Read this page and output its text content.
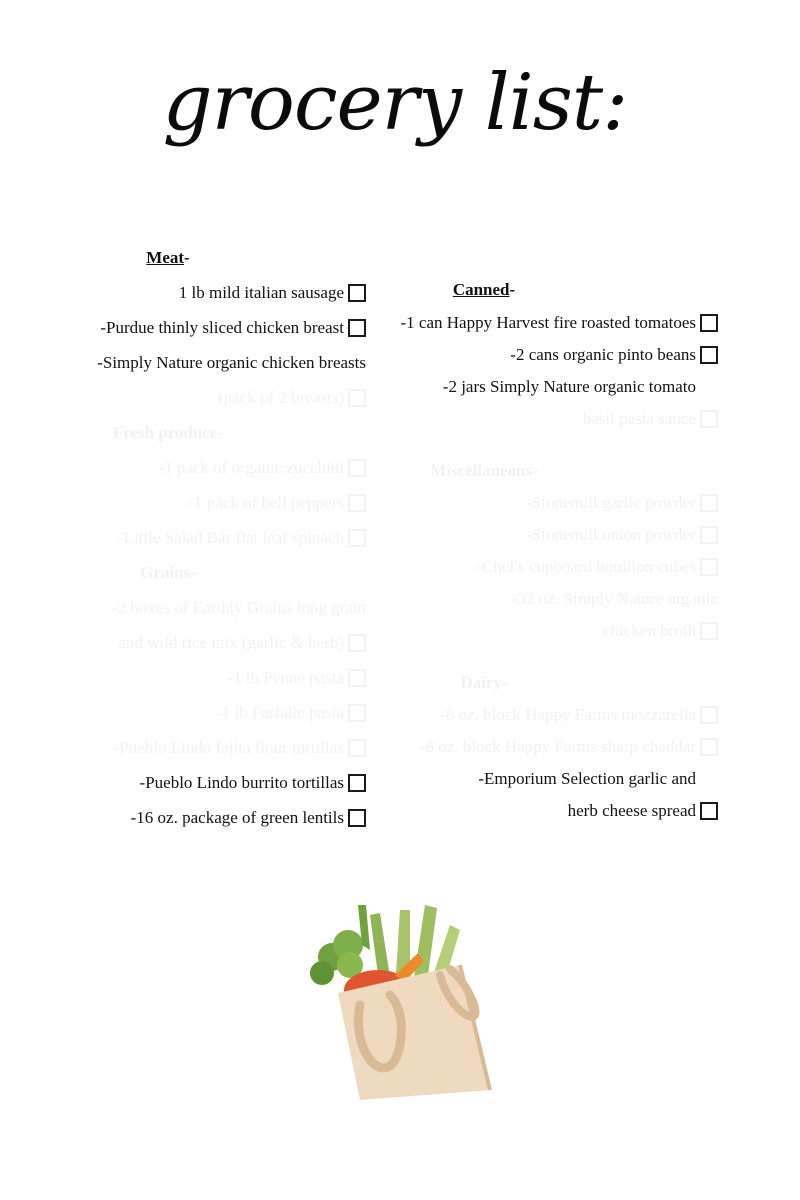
grocery list:
Meat-
1 lb mild italian sausage
-Purdue thinly sliced chicken breast
-Simply Nature organic chicken breasts
(pack of 2 breasts)
Fresh produce-
-1 pack of organic zucchini
-1 pack of bell peppers
-Little Salad Bar flat leaf spinach
Grains-
-2 boxes of Earthly Grains long grain
and wild rice mix (garlic & herb)
-1 lb Penne pasta
-1 lb Farfalle pasta
-Pueblo Lindo fajita flour tortillas
-Pueblo Lindo burrito tortillas
-16 oz. package of green lentils
Canned-
-1 can Happy Harvest fire roasted tomatoes
-2 cans organic pinto beans
-2 jars Simply Nature organic tomato
basil pasta sauce
Miscellaneous-
-Stonemill garlic powder
-Stonemill onion powder
-Chef's cupboard bouillon cubes
-32 oz. Simply Nature organic
chicken broth
Dairy-
-8 oz. block Happy Farms mozzarella
-8 oz. block Happy Farms sharp cheddar
-Emporium Selection garlic and
herb cheese spread
